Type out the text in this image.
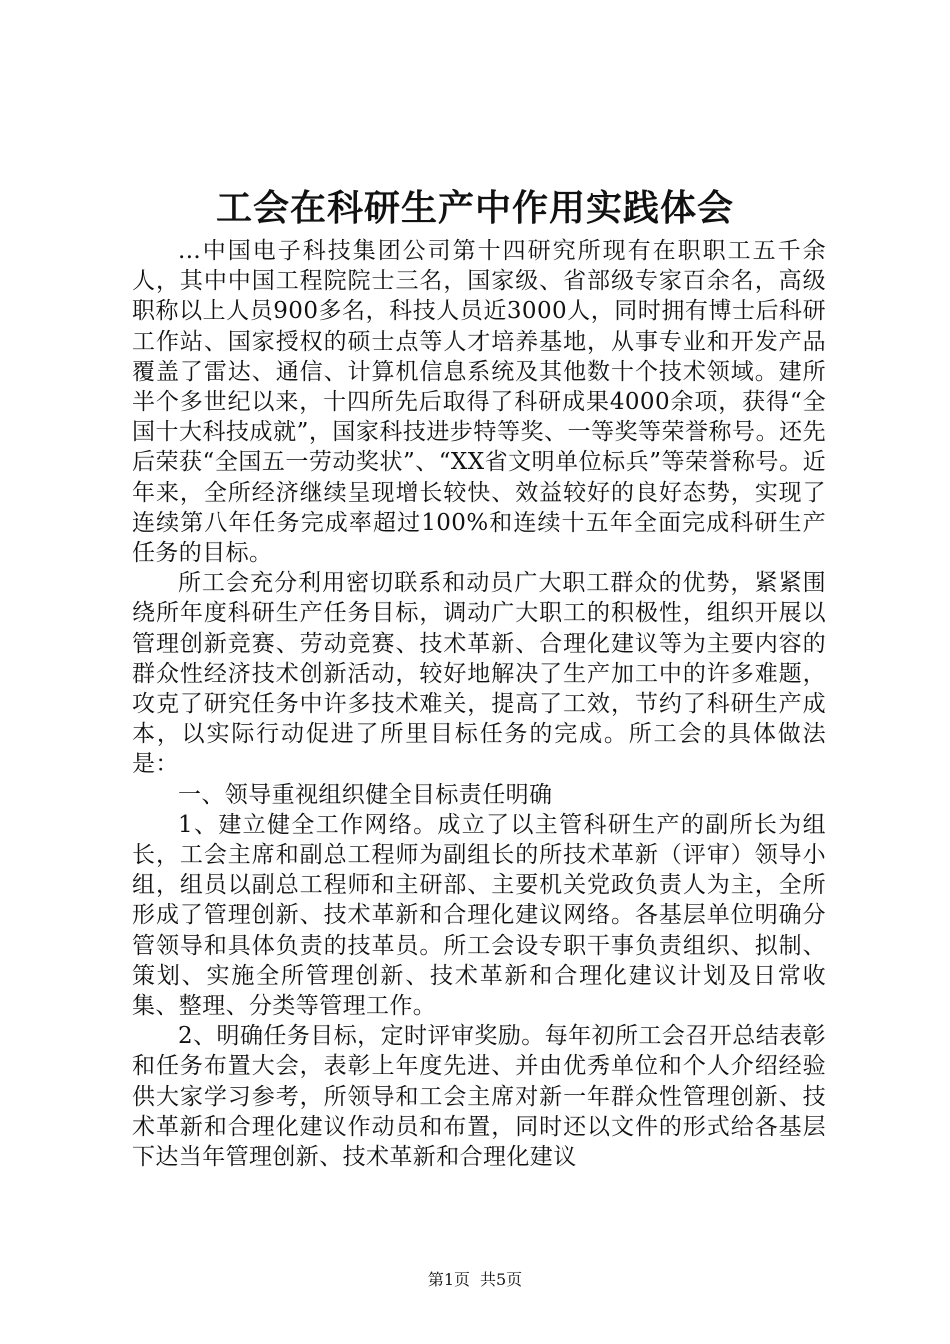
工会在科研生产中作用实践体会

...中国电子科技集团公司第十四研究所现有在职职工五千余人，其中中国工程院院士三名，国家级、省部级专家百余名，高级职称以上人员900多名，科技人员近3000人，同时拥有博士后科研工作站、国家授权的硕士点等人才培养基地，从事专业和开发产品覆盖了雷达、通信、计算机信息系统及其他数十个技术领域。建所半个多世纪以来，十四所先后取得了科研成果4000余项，获得“全国十大科技成就”，国家科技进步特等奖、一等奖等荣誉称号。还先后荣获“全国五一劳动奖状”、“XX省文明单位标兵”等荣誉称号。近年来，全所经济继续呈现增长较快、效益较好的良好态势，实现了连续第八年任务完成率超过100%和连续十五年全面完成科研生产任务的目标。

所工会充分利用密切联系和动员广大职工群众的优势，紧紧围绕所年度科研生产任务目标，调动广大职工的积极性，组织开展以管理创新竞赛、劳动竞赛、技术革新、合理化建议等为主要内容的群众性经济技术创新活动，较好地解决了生产加工中的许多难题，攻克了研究任务中许多技术难关，提高了工效，节约了科研生产成本，以实际行动促进了所里目标任务的完成。所工会的具体做法是：

一、领导重视组织健全目标责任明确

1、建立健全工作网络。成立了以主管科研生产的副所长为组长，工会主席和副总工程师为副组长的所技术革新（评审）领导小组，组员以副总工程师和主研部、主要机关党政负责人为主，全所形成了管理创新、技术革新和合理化建议网络。各基层单位明确分管领导和具体负责的技革员。所工会设专职干事负责组织、拟制、策划、实施全所管理创新、技术革新和合理化建议计划及日常收集、整理、分类等管理工作。

2、明确任务目标，定时评审奖励。每年初所工会召开总结表彰和任务布置大会，表彰上年度先进、并由优秀单位和个人介绍经验供大家学习参考，所领导和工会主席对新一年群众性管理创新、技术革新和合理化建议作动员和布置，同时还以文件的形式给各基层下达当年管理创新、技术革新和合理化建议

第1页 共5页
